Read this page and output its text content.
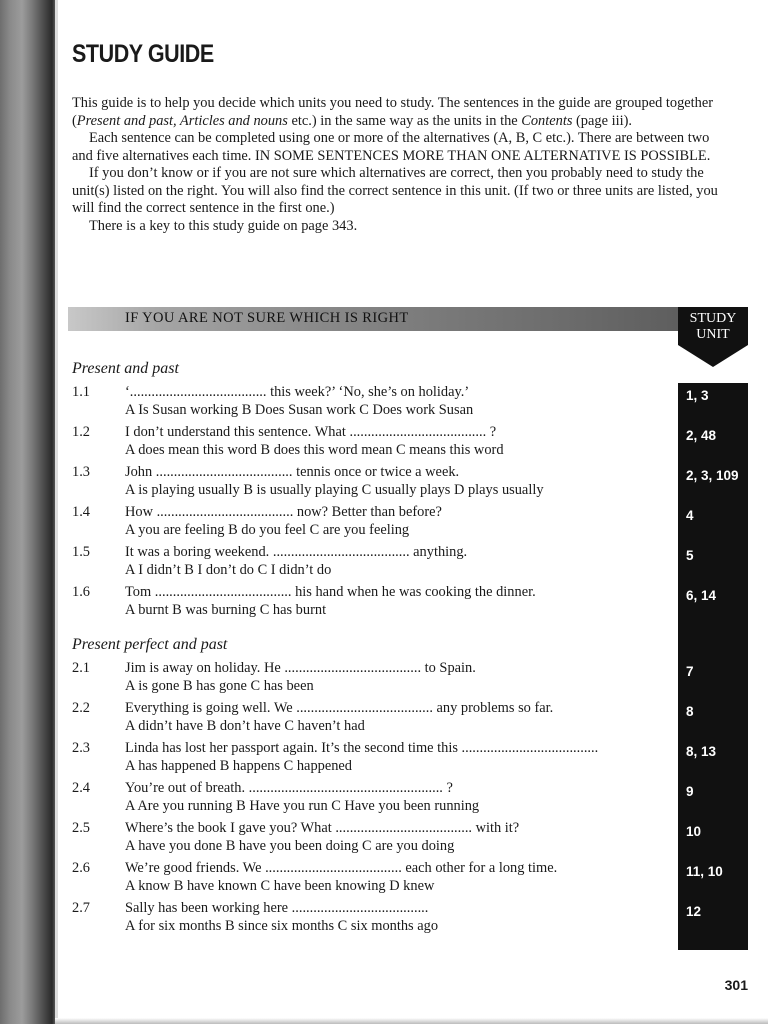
STUDY GUIDE

This guide is to help you decide which units you need to study. The sentences in the guide are grouped together (Present and past, Articles and nouns etc.) in the same way as the units in the Contents (page iii).

Each sentence can be completed using one or more of the alternatives (A, B, C etc.). There are between two and five alternatives each time. IN SOME SENTENCES MORE THAN ONE ALTERNATIVE IS POSSIBLE.

If you don’t know or if you are not sure which alternatives are correct, then you probably need to study the unit(s) listed on the right. You will also find the correct sentence in this unit. (If two or three units are listed, you will find the correct sentence in the first one.)

There is a key to this study guide on page 343.

IF YOU ARE NOT SURE WHICH IS RIGHT	STUDY
UNIT
Present and past
Present perfect and past
1.1 ‘...................................... this week?’ ‘No, she’s on holiday.’
A Is Susan working B Does Susan work C Does work Susan
1, 3
1.2 I don’t understand this sentence. What ...................................... ?
A does mean this word B does this word mean C means this word
2, 48
1.3 John ...................................... tennis once or twice a week.
A is playing usually B is usually playing C usually plays D plays usually
2, 3, 109
1.4 How ...................................... now? Better than before?
A you are feeling B do you feel C are you feeling
4
1.5 It was a boring weekend. ...................................... anything.
A I didn’t B I don’t do C I didn’t do
5
1.6 Tom ...................................... his hand when he was cooking the dinner.
A burnt B was burning C has burnt
6, 14
2.1 Jim is away on holiday. He ...................................... to Spain.
A is gone B has gone C has been
7
2.2 Everything is going well. We ...................................... any problems so far.
A didn’t have B don’t have C haven’t had
8
2.3 Linda has lost her passport again. It’s the second time this ......................................
A has happened B happens C happened
8, 13
2.4 You’re out of breath. ...................................................... ?
A Are you running B Have you run C Have you been running
9
2.5 Where’s the book I gave you? What ...................................... with it?
A have you done B have you been doing C are you doing
10
2.6 We’re good friends. We ...................................... each other for a long time.
A know B have known C have been knowing D knew
11, 10
2.7 Sally has been working here ......................................
A for six months B since six months C six months ago
12
301
